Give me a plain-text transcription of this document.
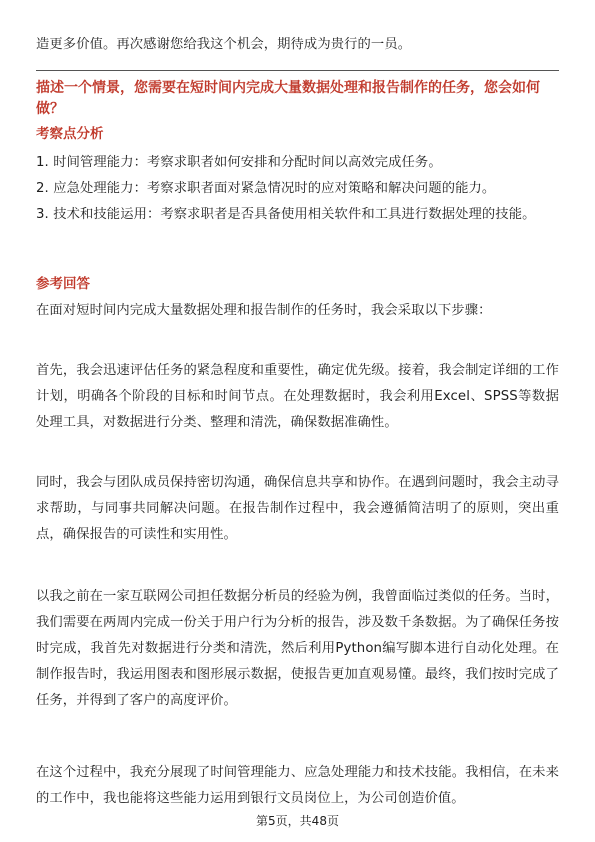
造更多价值。再次感谢您给我这个机会，期待成为贵行的一员。

描述一个情景，您需要在短时间内完成大量数据处理和报告制作的任务，您会如何做？
考察点分析

1. 时间管理能力：考察求职者如何安排和分配时间以高效完成任务。

2. 应急处理能力：考察求职者面对紧急情况时的应对策略和解决问题的能力。

3. 技术和技能运用：考察求职者是否具备使用相关软件和工具进行数据处理的技能。

参考回答

在面对短时间内完成大量数据处理和报告制作的任务时，我会采取以下步骤：

首先，我会迅速评估任务的紧急程度和重要性，确定优先级。接着，我会制定详细的工作计划，明确各个阶段的目标和时间节点。在处理数据时，我会利用Excel、SPSS等数据处理工具，对数据进行分类、整理和清洗，确保数据准确性。

同时，我会与团队成员保持密切沟通，确保信息共享和协作。在遇到问题时，我会主动寻求帮助，与同事共同解决问题。在报告制作过程中，我会遵循简洁明了的原则，突出重点，确保报告的可读性和实用性。

以我之前在一家互联网公司担任数据分析员的经验为例，我曾面临过类似的任务。当时，我们需要在两周内完成一份关于用户行为分析的报告，涉及数千条数据。为了确保任务按时完成，我首先对数据进行分类和清洗，然后利用Python编写脚本进行自动化处理。在制作报告时，我运用图表和图形展示数据，使报告更加直观易懂。最终，我们按时完成了任务，并得到了客户的高度评价。

在这个过程中，我充分展现了时间管理能力、应急处理能力和技术技能。我相信，在未来的工作中，我也能将这些能力运用到银行文员岗位上，为公司创造价值。

第5页，共48页
